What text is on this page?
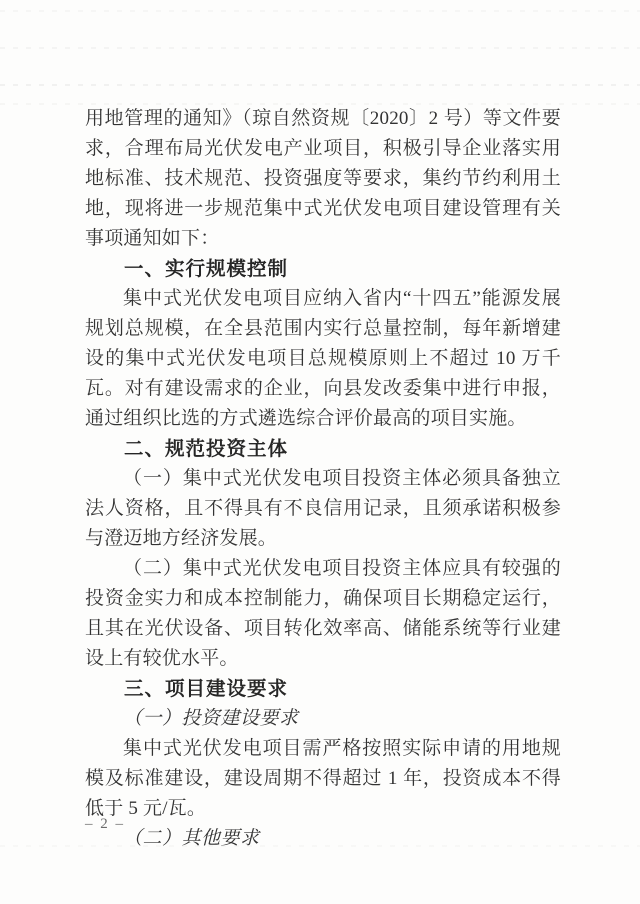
用地管理的通知》（琼自然资规〔2020〕2 号）等文件要求，合理布局光伏发电产业项目，积极引导企业落实用地标准、技术规范、投资强度等要求，集约节约利用土地，现将进一步规范集中式光伏发电项目建设管理有关事项通知如下：

一、实行规模控制

集中式光伏发电项目应纳入省内“十四五”能源发展规划总规模，在全县范围内实行总量控制，每年新增建设的集中式光伏发电项目总规模原则上不超过 10 万千瓦。对有建设需求的企业，向县发改委集中进行申报，通过组织比选的方式遴选综合评价最高的项目实施。

二、规范投资主体

（一）集中式光伏发电项目投资主体必须具备独立法人资格，且不得具有不良信用记录，且须承诺积极参与澄迈地方经济发展。

（二）集中式光伏发电项目投资主体应具有较强的投资金实力和成本控制能力，确保项目长期稳定运行，且其在光伏设备、项目转化效率高、储能系统等行业建设上有较优水平。

三、项目建设要求

（一）投资建设要求

集中式光伏发电项目需严格按照实际申请的用地规模及标准建设，建设周期不得超过 1 年，投资成本不得低于 5 元/瓦。

（二）其他要求

– 2 –
